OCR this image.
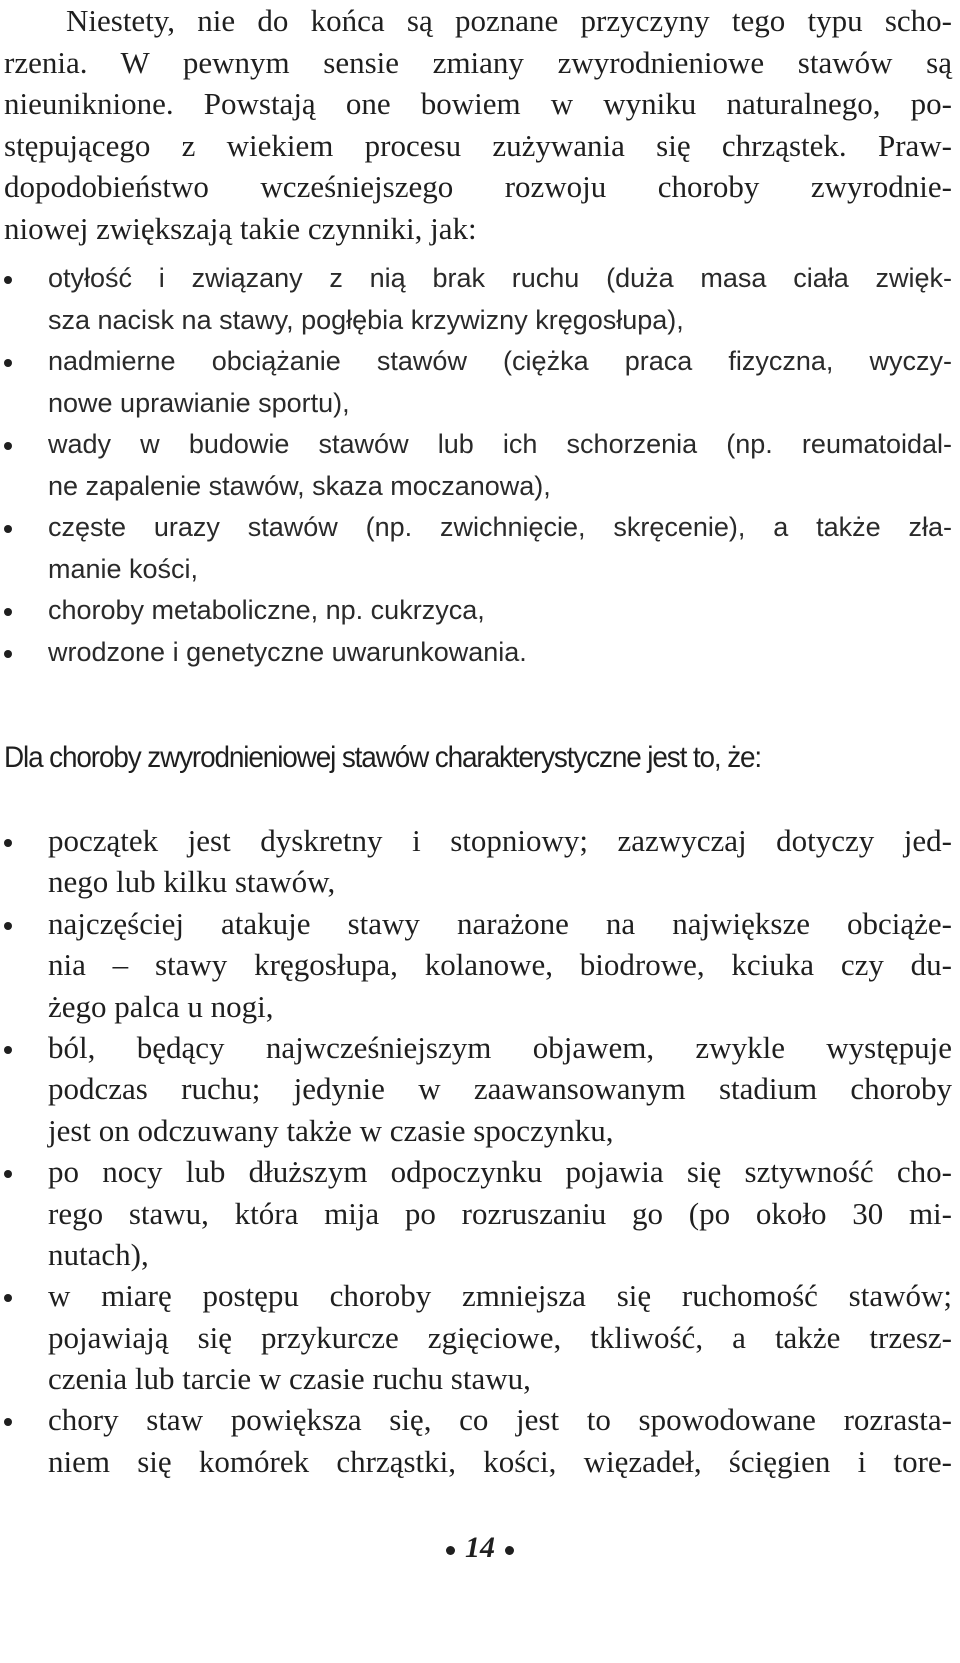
Niestety, nie do końca są poznane przyczyny tego typu scho-
rzenia. W pewnym sensie zmiany zwyrodnieniowe stawów są
nieuniknione. Powstają one bowiem w wyniku naturalnego, po-
stępującego z wiekiem procesu zużywania się chrząstek. Praw-
dopodobieństwo wcześniejszego rozwoju choroby zwyrodnie-
niowej zwiększają takie czynniki, jak:
otyłość i związany z nią brak ruchu (duża masa ciała zwięk-
sza nacisk na stawy, pogłębia krzywizny kręgosłupa),
nadmierne obciążanie stawów (ciężka praca fizyczna, wyczy-
nowe uprawianie sportu),
wady w budowie stawów lub ich schorzenia (np. reumatoidal-
ne zapalenie stawów, skaza moczanowa),
częste urazy stawów (np. zwichnięcie, skręcenie), a także zła-
manie kości,
choroby metaboliczne, np. cukrzyca,
wrodzone i genetyczne uwarunkowania.
Dla choroby zwyrodnieniowej stawów charakterystyczne jest to, że:
początek jest dyskretny i stopniowy; zazwyczaj dotyczy jed-
nego lub kilku stawów,
najczęściej atakuje stawy narażone na największe obciąże-
nia – stawy kręgosłupa, kolanowe, biodrowe, kciuka czy du-
żego palca u nogi,
ból, będący najwcześniejszym objawem, zwykle występuje
podczas ruchu; jedynie w zaawansowanym stadium choroby
jest on odczuwany także w czasie spoczynku,
po nocy lub dłuższym odpoczynku pojawia się sztywność cho-
rego stawu, która mija po rozruszaniu go (po około 30 mi-
nutach),
w miarę postępu choroby zmniejsza się ruchomość stawów;
pojawiają się przykurcze zgięciowe, tkliwość, a także trzesz-
czenia lub tarcie w czasie ruchu stawu,
chory staw powiększa się, co jest to spowodowane rozrasta-
niem się komórek chrząstki, kości, więzadeł, ścięgien i tore-
14
